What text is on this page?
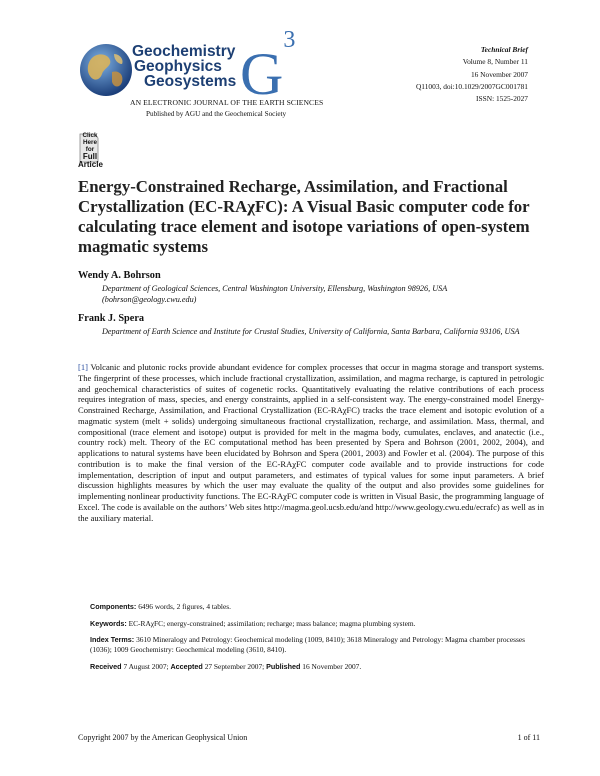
Geochemistry
Geophysics
Geosystems $G^3$
AN ELECTRONIC JOURNAL OF THE EARTH SCIENCES
Published by AGU and the Geochemical Society
Technical Brief
Volume 8, Number 11
16 November 2007
Q11003, doi:10.1029/2007GC001781
ISSN: 1525-2027
Click
Here
for
Full
Article
Energy-Constrained Recharge, Assimilation, and Fractional Crystallization (EC-RAχFC): A Visual Basic computer code for calculating trace element and isotope variations of open-system magmatic systems
Wendy A. Bohrson
Department of Geological Sciences, Central Washington University, Ellensburg, Washington 98926, USA
(bohrson@geology.cwu.edu)
Frank J. Spera
Department of Earth Science and Institute for Crustal Studies, University of California, Santa Barbara, California 93106, USA
[1] Volcanic and plutonic rocks provide abundant evidence for complex processes that occur in magma storage and transport systems. The fingerprint of these processes, which include fractional crystallization, assimilation, and magma recharge, is captured in petrologic and geochemical characteristics of suites of cogenetic rocks. Quantitatively evaluating the relative contributions of each process requires integration of mass, species, and energy constraints, applied in a self-consistent way. The energy-constrained model Energy-Constrained Recharge, Assimilation, and Fractional Crystallization (EC-RAχFC) tracks the trace element and isotopic evolution of a magmatic system (melt + solids) undergoing simultaneous fractional crystallization, recharge, and assimilation. Mass, thermal, and compositional (trace element and isotope) output is provided for melt in the magma body, cumulates, enclaves, and anatectic (i.e., country rock) melt. Theory of the EC computational method has been presented by Spera and Bohrson (2001, 2002, 2004), and applications to natural systems have been elucidated by Bohrson and Spera (2001, 2003) and Fowler et al. (2004). The purpose of this contribution is to make the final version of the EC-RAχFC computer code available and to provide instructions for code implementation, description of input and output parameters, and estimates of typical values for some input parameters. A brief discussion highlights measures by which the user may evaluate the quality of the output and also provides some guidelines for implementing nonlinear productivity functions. The EC-RAχFC computer code is written in Visual Basic, the programming language of Excel. The code is available on the authors’ Web sites http://magma.geol.ucsb.edu/and http://www.geology.cwu.edu/ecrafc) as well as in the auxiliary material.
Components: 6496 words, 2 figures, 4 tables.
Keywords: EC-RAχFC; energy-constrained; assimilation; recharge; mass balance; magma plumbing system.
Index Terms: 3610 Mineralogy and Petrology: Geochemical modeling (1009, 8410); 3618 Mineralogy and Petrology: Magma chamber processes (1036); 1009 Geochemistry: Geochemical modeling (3610, 8410).
Received 7 August 2007; Accepted 27 September 2007; Published 16 November 2007.
Copyright 2007 by the American Geophysical Union	1 of 11
